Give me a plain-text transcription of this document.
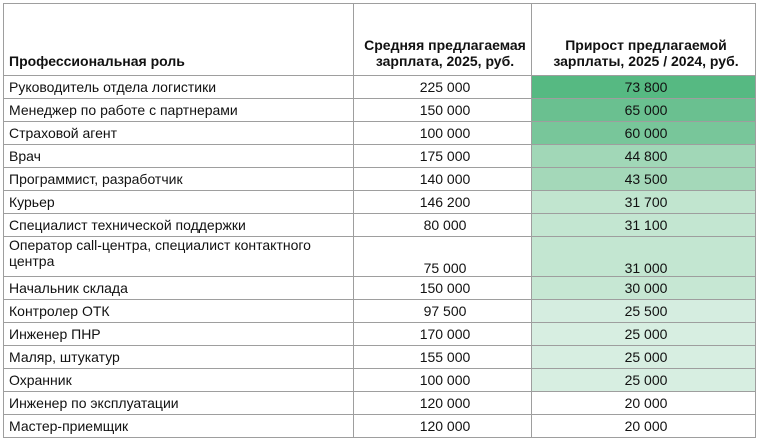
Профессиональная роль	Средняя предлагаемая зарплата, 2025, руб.	Прирост предлагаемой зарплаты, 2025 / 2024, руб.
Руководитель отдела логистики	225 000	73 800
Менеджер по работе с партнерами	150 000	65 000
Страховой агент	100 000	60 000
Врач	175 000	44 800
Программист, разработчик	140 000	43 500
Курьер	146 200	31 700
Специалист технической поддержки	80 000	31 100
Оператор call-центра, специалист контактного центра	75 000	31 000
Начальник склада	150 000	30 000
Контролер ОТК	97 500	25 500
Инженер ПНР	170 000	25 000
Маляр, штукатур	155 000	25 000
Охранник	100 000	25 000
Инженер по эксплуатации	120 000	20 000
Мастер-приемщик	120 000	20 000
